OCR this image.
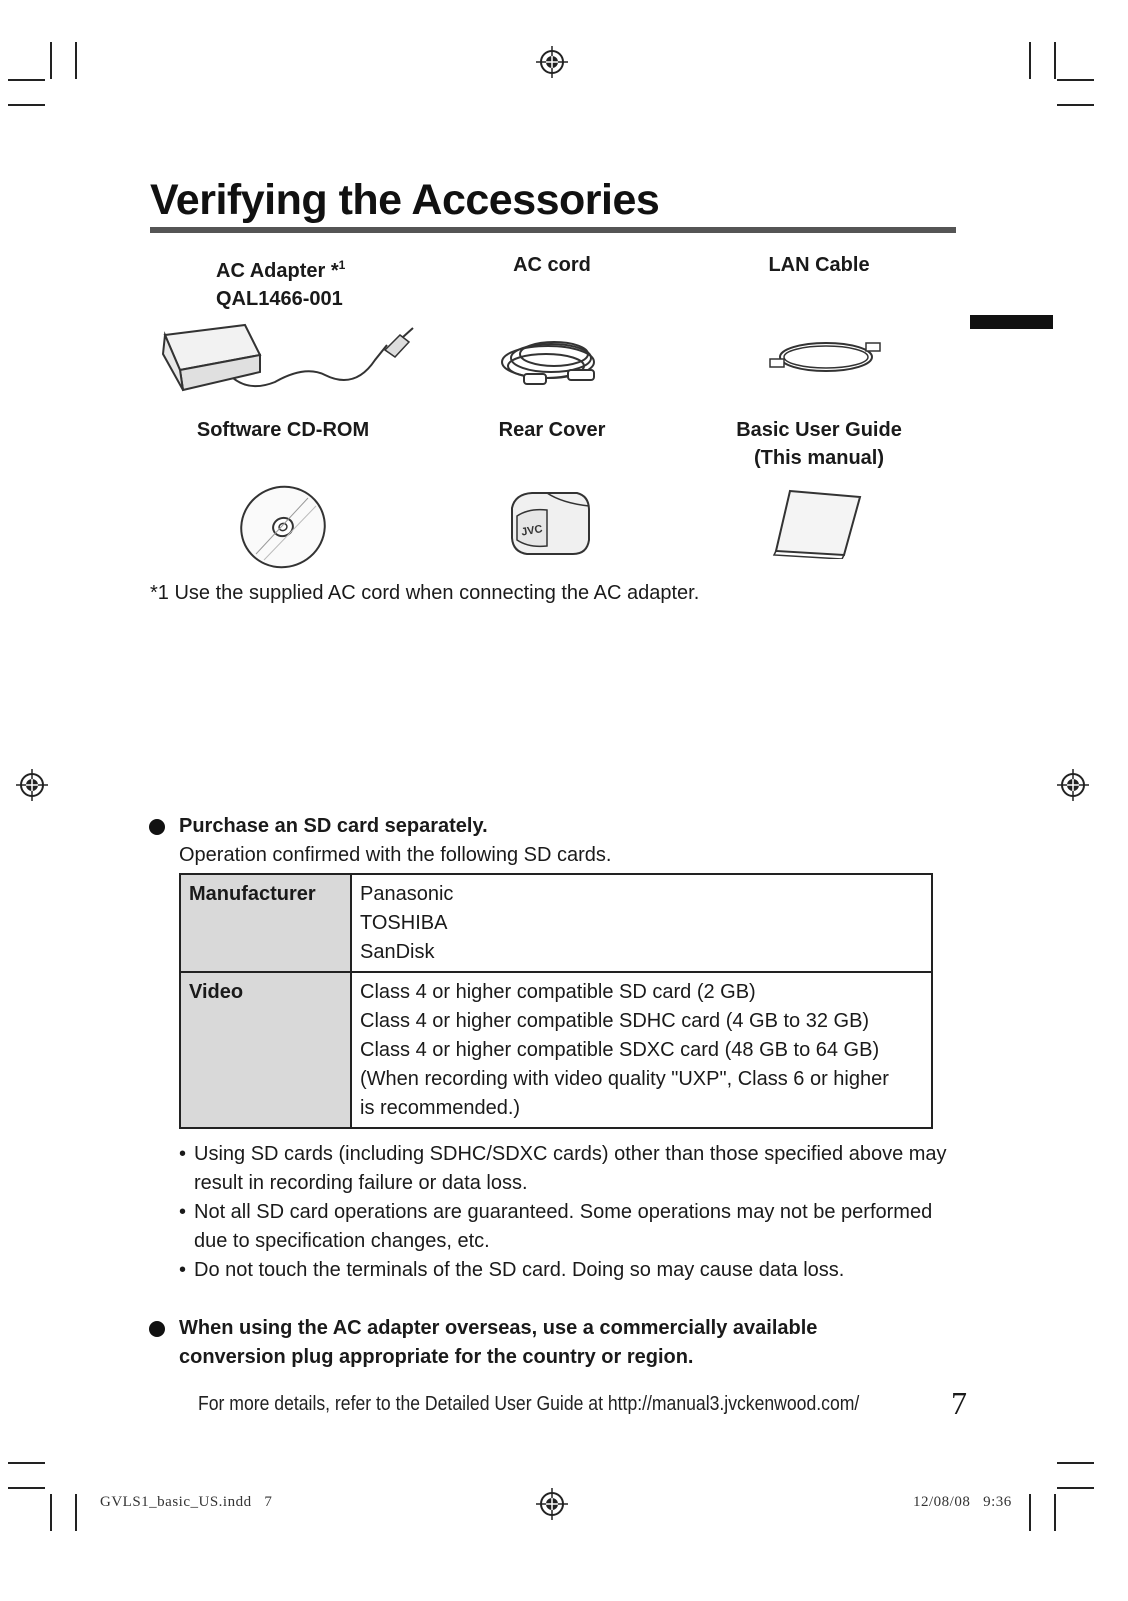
Verifying the Accessories
AC Adapter *$^1$
QAL1466-001
AC cord	LAN Cable
Software CD-ROM	Rear Cover	Basic User Guide
(This manual)
JVC
*1 Use the supplied AC cord when connecting the AC adapter.
Purchase an SD card separately.
Operation confirmed with the following SD cards.
Manufacturer	Panasonic
TOSHIBA
SanDisk

Video	Class 4 or higher compatible SD card (2 GB)
Class 4 or higher compatible SDHC card (4 GB to 32 GB)
Class 4 or higher compatible SDXC card (48 GB to 64 GB)
(When recording with video quality "UXP", Class 6 or higher
is recommended.)
• Using SD cards (including SDHC/SDXC cards) other than those specified above may result in recording failure or data loss.
• Not all SD card operations are guaranteed. Some operations may not be performed due to specification changes, etc.
• Do not touch the terminals of the SD card. Doing so may cause data loss.
When using the AC adapter overseas, use a commercially available
conversion plug appropriate for the country or region.
For more details, refer to the Detailed User Guide at http://manual3.jvckenwood.com/	7
GVLS1_basic_US.indd   7	12/08/08   9:36
